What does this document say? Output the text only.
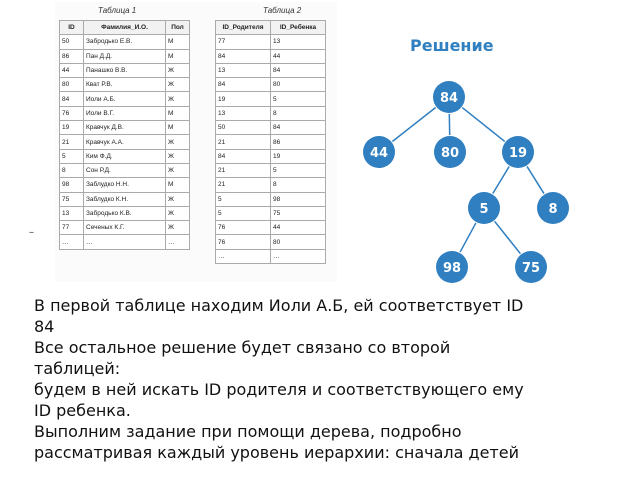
Таблица 1	Таблица 2
ID	Фамилия_И.О.	Пол
50	Забродько Е.В.	М
86	Пан Д.Д.	М
44	Панашко В.В.	Ж
80	Кват Р.В.	Ж
84	Иоли А.Б.	Ж
76	Иоли В.Г.	М
19	Кравчук Д.В.	М
21	Кравчук А.А.	Ж
5	Ким Ф.Д.	Ж
8	Сон Р.Д.	Ж
98	Заблудко Н.Н.	М
75	Заблудко К.Н.	Ж
13	Забродько К.В.	Ж
77	Сеченых К.Г.	Ж
…	…	…
ID_Родителя	ID_Ребенка
77	13
84	44
13	84
84	80
19	5
13	8
50	84
21	86
84	19
21	5
21	8
5	98
5	75
76	44
76	80
…	…
–
Решение
84
44	80	19
5	8
98	75
В первой таблице находим Иоли А.Б, ей соответствует ID
84
Все остальное решение будет связано со второй
таблицей:
будем в ней искать ID родителя и соответствующего ему
ID ребенка.
Выполним задание при помощи дерева, подробно
рассматривая каждый уровень иерархии: сначала детей
